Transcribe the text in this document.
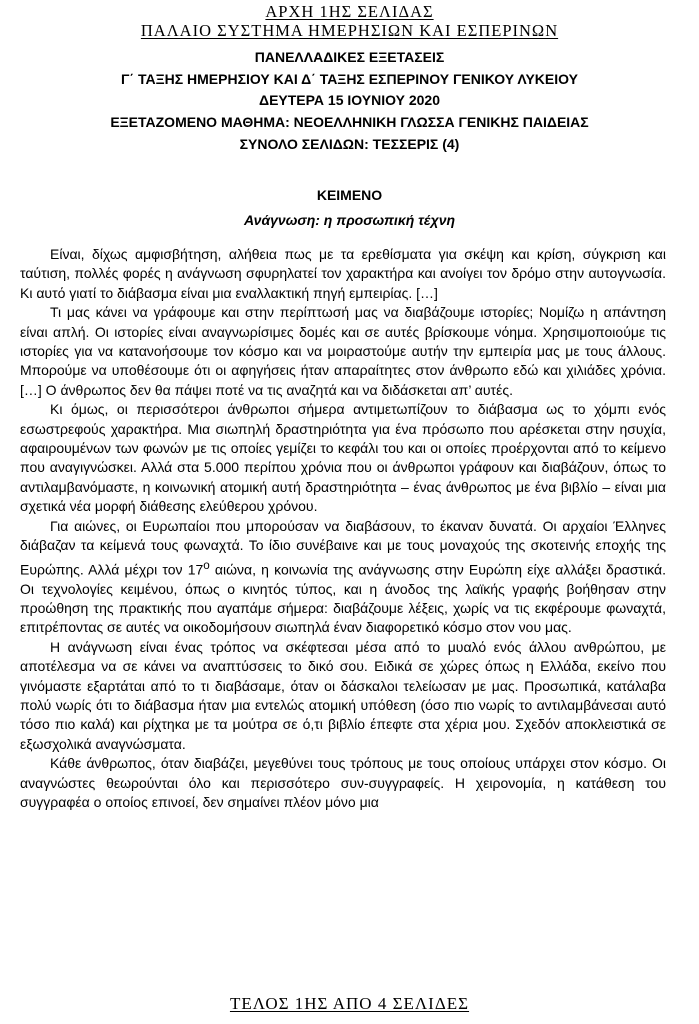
ΑΡΧΗ 1ΗΣ ΣΕΛΙΔΑΣ
ΠΑΛΑΙΟ ΣΥΣΤΗΜΑ ΗΜΕΡΗΣΙΩΝ ΚΑΙ ΕΣΠΕΡΙΝΩΝ
ΠΑΝΕΛΛΑΔΙΚΕΣ ΕΞΕΤΑΣΕΙΣ
Γ΄ ΤΑΞΗΣ ΗΜΕΡΗΣΙΟΥ ΚΑΙ Δ΄ ΤΑΞΗΣ ΕΣΠΕΡΙΝΟΥ ΓΕΝΙΚΟΥ ΛΥΚΕΙΟΥ
ΔΕΥΤΕΡΑ 15 ΙΟΥΝΙΟΥ 2020
ΕΞΕΤΑΖΟΜΕΝΟ ΜΑΘΗΜΑ: ΝΕΟΕΛΛΗΝΙΚΗ ΓΛΩΣΣΑ ΓΕΝΙΚΗΣ ΠΑΙΔΕΙΑΣ
ΣΥΝΟΛΟ ΣΕΛΙΔΩΝ: ΤΕΣΣΕΡΙΣ (4)
ΚΕΙΜΕΝΟ
Ανάγνωση: η προσωπική τέχνη

Είναι, δίχως αμφισβήτηση, αλήθεια πως με τα ερεθίσματα για σκέψη και κρίση, σύγκριση και ταύτιση, πολλές φορές η ανάγνωση σφυρηλατεί τον χαρακτήρα και ανοίγει τον δρόμο στην αυτογνωσία. Κι αυτό γιατί το διάβασμα είναι μια εναλλακτική πηγή εμπειρίας. […]

Τι μας κάνει να γράφουμε και στην περίπτωσή μας να διαβάζουμε ιστορίες; Νομίζω η απάντηση είναι απλή. Οι ιστορίες είναι αναγνωρίσιμες δομές και σε αυτές βρίσκουμε νόημα. Χρησιμοποιούμε τις ιστορίες για να κατανοήσουμε τον κόσμο και να μοιραστούμε αυτήν την εμπειρία μας με τους άλλους. Μπορούμε να υποθέσουμε ότι οι αφηγήσεις ήταν απαραίτητες στον άνθρωπο εδώ και χιλιάδες χρόνια. […] Ο άνθρωπος δεν θα πάψει ποτέ να τις αναζητά και να διδάσκεται απ’ αυτές.

Κι όμως, οι περισσότεροι άνθρωποι σήμερα αντιμετωπίζουν το διάβασμα ως το χόμπι ενός εσωστρεφούς χαρακτήρα. Μια σιωπηλή δραστηριότητα για ένα πρόσωπο που αρέσκεται στην ησυχία, αφαιρουμένων των φωνών με τις οποίες γεμίζει το κεφάλι του και οι οποίες προέρχονται από το κείμενο που αναγιγνώσκει. Αλλά στα 5.000 περίπου χρόνια που οι άνθρωποι γράφουν και διαβάζουν, όπως το αντιλαμβανόμαστε, η κοινωνική ατομική αυτή δραστηριότητα – ένας άνθρωπος με ένα βιβλίο – είναι μια σχετικά νέα μορφή διάθεσης ελεύθερου χρόνου.

Για αιώνες, οι Ευρωπαίοι που μπορούσαν να διαβάσουν, το έκαναν δυνατά. Οι αρχαίοι Έλληνες διάβαζαν τα κείμενά τους φωναχτά. Το ίδιο συνέβαινε και με τους μοναχούς της σκοτεινής εποχής της Ευρώπης. Αλλά μέχρι τον $17^o$ αιώνα, η κοινωνία της ανάγνωσης στην Ευρώπη είχε αλλάξει δραστικά. Οι τεχνολογίες κειμένου, όπως ο κινητός τύπος, και η άνοδος της λαϊκής γραφής βοήθησαν στην προώθηση της πρακτικής που αγαπάμε σήμερα: διαβάζουμε λέξεις, χωρίς να τις εκφέρουμε φωναχτά, επιτρέποντας σε αυτές να οικοδομήσουν σιωπηλά έναν διαφορετικό κόσμο στον νου μας.

Η ανάγνωση είναι ένας τρόπος να σκέφτεσαι μέσα από το μυαλό ενός άλλου ανθρώπου, με αποτέλεσμα να σε κάνει να αναπτύσσεις το δικό σου. Ειδικά σε χώρες όπως η Ελλάδα, εκείνο που γινόμαστε εξαρτάται από το τι διαβάσαμε, όταν οι δάσκαλοι τελείωσαν με μας. Προσωπικά, κατάλαβα πολύ νωρίς ότι το διάβασμα ήταν μια εντελώς ατομική υπόθεση (όσο πιο νωρίς το αντιλαμβάνεσαι αυτό τόσο πιο καλά) και ρίχτηκα με τα μούτρα σε ό,τι βιβλίο έπεφτε στα χέρια μου. Σχεδόν αποκλειστικά σε εξωσχολικά αναγνώσματα.

Κάθε άνθρωπος, όταν διαβάζει, μεγεθύνει τους τρόπους με τους οποίους υπάρχει στον κόσμο. Οι αναγνώστες θεωρούνται όλο και περισσότερο συν-συγγραφείς. Η χειρονομία, η κατάθεση του συγγραφέα ο οποίος επινοεί, δεν σημαίνει πλέον μόνο μια

ΤΕΛΟΣ 1ΗΣ ΑΠΟ 4 ΣΕΛΙΔΕΣ
